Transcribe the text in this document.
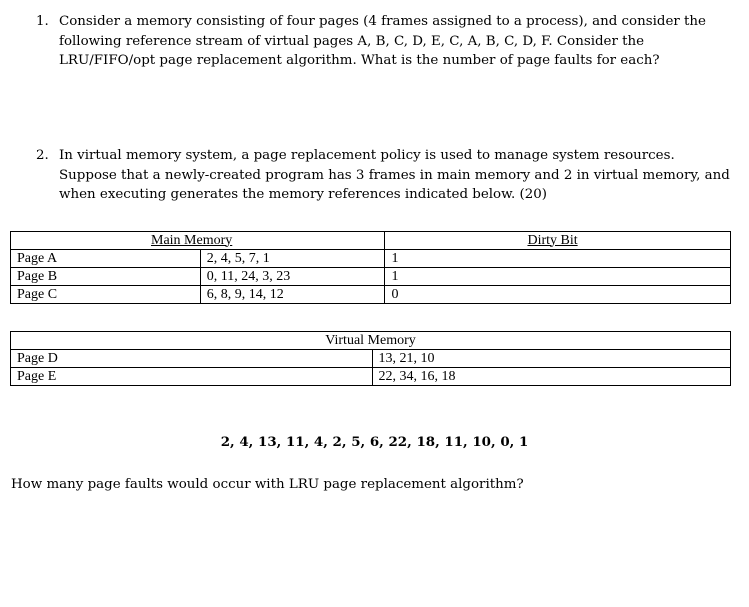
1. Consider a memory consisting of four pages (4 frames assigned to a process), and consider the following reference stream of virtual pages A, B, C, D, E, C, A, B, C, D, F. Consider the LRU/FIFO/opt page replacement algorithm. What is the number of page faults for each?
2. In virtual memory system, a page replacement policy is used to manage system resources. Suppose that a newly-created program has 3 frames in main memory and 2 in virtual memory, and when executing generates the memory references indicated below. (20)
Main Memory		Dirty Bit
Page A	2, 4, 5, 7, 1	1
Page B	0, 11, 24, 3, 23	1
Page C	6, 8, 9, 14, 12	0
Virtual Memory	
Page D	13, 21, 10
Page E	22, 34, 16, 18
2, 4, 13, 11, 4, 2, 5, 6, 22, 18, 11, 10, 0, 1
How many page faults would occur with LRU page replacement algorithm?
